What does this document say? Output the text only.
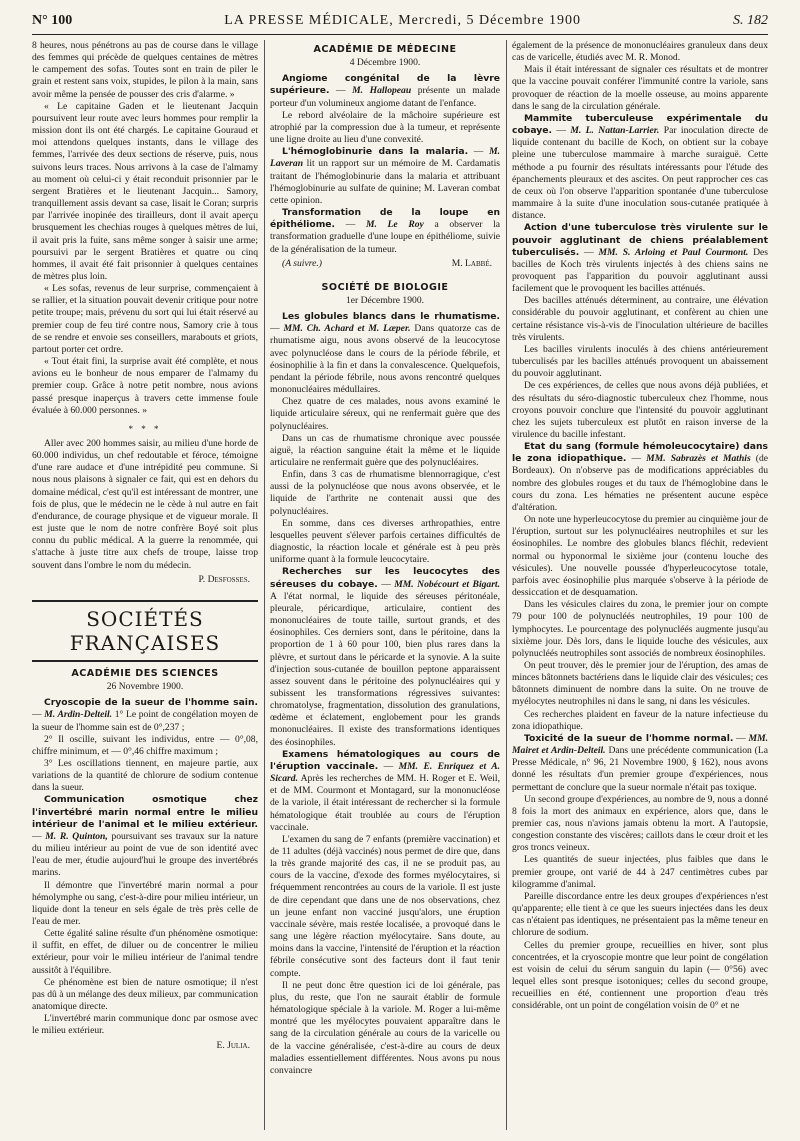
N° 100	LA PRESSE MÉDICALE, Mercredi, 5 Décembre 1900	S. 182

8 heures, nous pénétrons au pas de course dans le village des femmes qui précède de quelques centaines de mètres le campement des sofas. Toutes sont en train de piler le grain et restent sans voix, stupides, le pilon à la main, sans avoir même la pensée de pousser des cris d'alarme. »

« Le capitaine Gaden et le lieutenant Jacquin poursuivent leur route avec leurs hommes pour remplir la mission dont ils ont été chargés. Le capitaine Gouraud et moi attendons quelques instants, dans le village des femmes, l'arrivée des deux sections de réserve, puis, nous suivons leurs traces. Nous arrivons à la case de l'almamy au moment où celui-ci y était reconduit prisonnier par le sergent Bratières et le lieutenant Jacquin... Samory, tranquillement assis devant sa case, lisait le Coran; surpris par l'arrivée inopinée des tirailleurs, dont il avait aperçu brusquement les chechias rouges à quelques mètres de lui, il avait pris la fuite, sans même songer à saisir une arme; poursuivi par le sergent Bratières et quatre ou cinq hommes, il avait été fait prisonnier à quelques centaines de mètres plus loin.

« Les sofas, revenus de leur surprise, commençaient à se rallier, et la situation pouvait devenir critique pour notre petite troupe; mais, prévenu du sort qui lui était réservé au premier coup de feu tiré contre nous, Samory crie à tous de se rendre et envoie ses conseillers, marabouts et griots, partout porter cet ordre.

« Tout était fini, la surprise avait été complète, et nous avions eu le bonheur de nous emparer de l'almamy du premier coup. Grâce à notre petit nombre, nous avions passé presque inaperçus à travers cette immense foule évaluée à 60.000 personnes. »

* * *

Aller avec 200 hommes saisir, au milieu d'une horde de 60.000 individus, un chef redoutable et féroce, témoigne d'une rare audace et d'une intrépidité peu commune. Si nous nous plaisons à signaler ce fait, qui est en dehors du domaine médical, c'est qu'il est intéressant de montrer, une fois de plus, que le médecin ne le cède à nul autre en fait d'endurance, de courage physique et de vigueur morale. Il est juste que le nom de notre confrère Boyé soit plus connu du public médical. A la guerre la renommée, qui s'attache à juste titre aux chefs de troupe, laisse trop souvent dans l'ombre le nom du médecin.

P. Desfosses.
SOCIÉTÉS FRANÇAISES
ACADÉMIE DES SCIENCES
26 Novembre 1900.

Cryoscopie de la sueur de l'homme sain. — M. Ardin-Delteil. 1° Le point de congélation moyen de la sueur de l'homme sain est de 0°,237 ;

2° Il oscille, suivant les individus, entre — 0°,08, chiffre minimum, et — 0°,46 chiffre maximum ;

3° Les oscillations tiennent, en majeure partie, aux variations de la quantité de chlorure de sodium contenue dans la sueur.

Communication osmotique chez l'invertébré marin normal entre le milieu intérieur de l'animal et le milieu extérieur. — M. R. Quinton, poursuivant ses travaux sur la nature du milieu intérieur au point de vue de son identité avec l'eau de mer, étudie aujourd'hui le groupe des invertébrés marins.

Il démontre que l'invertébré marin normal a pour hémolymphe ou sang, c'est-à-dire pour milieu intérieur, un liquide dont la teneur en sels égale de très près celle de l'eau de mer.

Cette égalité saline résulte d'un phénomène osmotique: il suffit, en effet, de diluer ou de concentrer le milieu extérieur, pour voir le milieu intérieur de l'animal tendre aussitôt à l'équilibre.

Ce phénomène est bien de nature osmotique; il n'est pas dû à un mélange des deux milieux, par communication anatomique directe.

L'invertébré marin communique donc par osmose avec le milieu extérieur.

E. Julia.
ACADÉMIE DE MÉDECINE
4 Décembre 1900.

Angiome congénital de la lèvre supérieure. — M. Hallopeau présente un malade porteur d'un volumineux angiome datant de l'enfance.

Le rebord alvéolaire de la mâchoire supérieure est atrophié par la compression due à la tumeur, et représente une ligne droite au lieu d'une convexité.

L'hémoglobinurie dans la malaria. — M. Laveran lit un rapport sur un mémoire de M. Cardamatis traitant de l'hémoglobinurie dans la malaria et attribuant l'hémoglobinurie au sulfate de quinine; M. Laveran combat cette opinion.

Transformation de la loupe en épithéliome. — M. Le Roy a observer la transformation graduelle d'une loupe en épithéliome, suivie de la généralisation de la tumeur.

(A suivre.)	M. Labbé.
SOCIÉTÉ DE BIOLOGIE
1er Décembre 1900.

Les globules blancs dans le rhumatisme. — MM. Ch. Achard et M. Læper. Dans quatorze cas de rhumatisme aigu, nous avons observé de la leucocytose avec polynucléose dans le cours de la période fébrile, et éosinophilie à la fin et dans la convalescence. Quelquefois, pendant la période fébrile, nous avons rencontré quelques mononucléaires médullaires.

Chez quatre de ces malades, nous avons examiné le liquide articulaire séreux, qui ne renfermait guère que des polynucléaires.

Dans un cas de rhumatisme chronique avec poussée aiguë, la réaction sanguine était la même et le liquide articulaire ne renfermait guère que des polynucléaires.

Enfin, dans 3 cas de rhumatisme blennorragique, c'est aussi de la polynucléose que nous avons observée, et le liquide de l'arthrite ne contenait aussi que des polynucléaires.

En somme, dans ces diverses arthropathies, entre lesquelles peuvent s'élever parfois certaines difficultés de diagnostic, la réaction locale et générale est à peu près uniforme quant à la formule leucocytaire.

Recherches sur les leucocytes des séreuses du cobaye. — MM. Nobécourt et Bigart. A l'état normal, le liquide des séreuses péritonéale, pleurale, péricardique, articulaire, contient des mononucléaires de toute taille, surtout grands, et des éosinophiles. Ces derniers sont, dans le péritoine, dans la proportion de 1 à 60 pour 100, bien plus rares dans la plèvre, et surtout dans le péricarde et la synovie. A la suite d'injection sous-cutanée de bouillon peptone apparaissent assez souvent dans le péritoine des polynucléaires qui y subissent les transformations régressives suivantes: chromatolyse, fragmentation, dissolution des granulations, œdème et éclatement, englobement pour les grands mononucléaires. Il existe des transformations identiques des éosinophiles.

Examens hématologiques au cours de l'éruption vaccinale. — MM. E. Enriquez et A. Sicard. Après les recherches de MM. H. Roger et E. Weil, et de MM. Courmont et Montagard, sur la mononucléose de la variole, il était intéressant de rechercher si la formule hématologique était troublée au cours de l'éruption vaccinale.

L'examen du sang de 7 enfants (première vaccination) et de 11 adultes (déjà vaccinés) nous permet de dire que, dans la très grande majorité des cas, il ne se produit pas, au cours de la vaccine, d'exode des formes myélocytaires, si fréquemment rencontrées au cours de la variole. Il est juste de dire cependant que dans une de nos observations, chez un jeune enfant non vacciné jusqu'alors, une éruption vaccinale sévère, mais restée localisée, a provoqué dans le sang une légère réaction myélocytaire. Sans doute, au moins dans la vaccine, l'intensité de l'éruption et la réaction fébrile consécutive sont des facteurs dont il faut tenir compte.

Il ne peut donc être question ici de loi générale, pas plus, du reste, que l'on ne saurait établir de formule hématologique spéciale à la variole. M. Roger a lui-même montré que les myélocytes pouvaient apparaître dans le sang de la circulation générale au cours de la varicelle ou de la vaccine généralisée, c'est-à-dire au cours de deux maladies essentiellement différentes. Nous avons pu nous convaincre

également de la présence de mononucléaires granuleux dans deux cas de varicelle, étudiés avec M. R. Monod.

Mais il était intéressant de signaler ces résultats et de montrer que la vaccine pouvait conférer l'immunité contre la variole, sans provoquer de réaction de la moelle osseuse, au moins apparente dans le sang de la circulation générale.

Mammite tuberculeuse expérimentale du cobaye. — M. L. Nattan-Larrier. Par inoculation directe de liquide contenant du bacille de Koch, on obtient sur la cobaye pleine une tuberculose mammaire à marche suraiguë. Cette méthode a pu fournir des résultats intéressants pour l'étude des épanchements pleuraux et des ascites. On peut rapprocher ces cas de ceux où l'on observe l'apparition spontanée d'une tuberculose mammaire à la suite d'une inoculation sous-cutanée pratiquée à distance.

Action d'une tuberculose très virulente sur le pouvoir agglutinant de chiens préalablement tuberculisés. — MM. S. Arloing et Paul Courmont. Des bacilles de Koch très virulents injectés à des chiens sains ne provoquent pas l'apparition du pouvoir agglutinant aussi facilement que le provoquent les bacilles atténués.

Des bacilles atténués déterminent, au contraire, une élévation considérable du pouvoir agglutinant, et confèrent au chien une certaine résistance vis-à-vis de l'inoculation ultérieure de bacilles très virulents.

Les bacilles virulents inoculés à des chiens antérieurement tuberculisés par les bacilles atténués provoquent un abaissement du pouvoir agglutinant.

De ces expériences, de celles que nous avons déjà publiées, et des résultats du séro-diagnostic tuberculeux chez l'homme, nous croyons pouvoir conclure que l'intensité du pouvoir agglutinant chez les sujets tuberculeux est plutôt en raison inverse de la virulence du bacille infestant.

Etat du sang (formule hémoleucocytaire) dans le zona idiopathique. — MM. Sabrazès et Mathis (de Bordeaux). On n'observe pas de modifications appréciables du nombre des globules rouges et du taux de l'hémoglobine dans le cours du zona. Les hématies ne présentent aucune espèce d'altération.

On note une hyperleucocytose du premier au cinquième jour de l'éruption, surtout sur les polynucléaires neutrophiles et sur les éosinophiles. Le nombre des globules blancs fléchit, redevient normal ou hyponormal le sixième jour (contenu louche des vésicules). Une nouvelle poussée d'hyperleucocytose totale, parfois avec éosinophilie plus marquée s'observe à la période de dessiccation et de desquamation.

Dans les vésicules claires du zona, le premier jour on compte 79 pour 100 de polynucléés neutrophiles, 19 pour 100 de lymphocytes. Le pourcentage des polynucléés augmente jusqu'au sixième jour. Dès lors, dans le liquide louche des vésicules, aux polynucléés neutrophiles sont associés de nombreux éosinophiles.

On peut trouver, dès le premier jour de l'éruption, des amas de minces bâtonnets bactériens dans le liquide clair des vésicules; ces bâtonnets diminuent de nombre dans la suite. On ne trouve de myélocytes neutrophiles ni dans le sang, ni dans les vésicules.

Ces recherches plaident en faveur de la nature infectieuse du zona idiopathique.

Toxicité de la sueur de l'homme normal. — MM. Mairet et Ardin-Delteil. Dans une précédente communication (La Presse Médicale, n° 96, 21 Novembre 1900, § 162), nous avons donné les résultats d'un premier groupe d'expériences, nous permettant de conclure que la sueur normale n'était pas toxique.

Un second groupe d'expériences, au nombre de 9, nous a donné 8 fois la mort des animaux en expérience, alors que, dans le premier cas, nous n'avions jamais obtenu la mort. A l'autopsie, congestion constante des viscères; caillots dans le cœur droit et les gros troncs veineux.

Les quantités de sueur injectées, plus faibles que dans le premier groupe, ont varié de 44 à 247 centimètres cubes par kilogramme d'animal.

Pareille discordance entre les deux groupes d'expériences n'est qu'apparente; elle tient à ce que les sueurs injectées dans les deux cas n'étaient pas identiques, ne présentaient pas la même teneur en chlorure de sodium.

Celles du premier groupe, recueillies en hiver, sont plus concentrées, et la cryoscopie montre que leur point de congélation est voisin de celui du sérum sanguin du lapin (— 0°56) avec lequel elles sont presque isotoniques; celles du second groupe, recueillies en été, contiennent une proportion d'eau très considérable, ont un point de congélation voisin de 0° et ne
